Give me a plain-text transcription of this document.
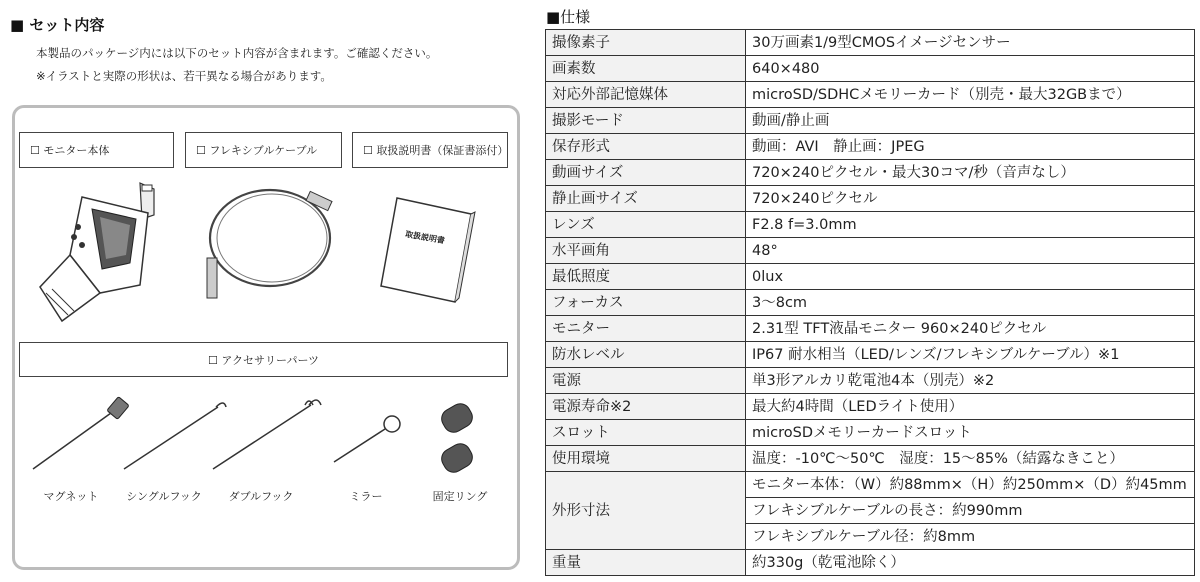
■ セット内容
本製品のパッケージ内には以下のセット内容が含まれます。ご確認ください。
※イラストと実際の形状は、若干異なる場合があります。
☐ モニター本体	☐ フレキシブルケーブル	☐ 取扱説明書（保証書添付）
取扱説明書
☐ アクセサリーパーツ
マグネット	シングルフック	ダブルフック	ミラー	固定リング
■仕様
撮像素子	30万画素1/9型CMOSイメージセンサー
画素数	640×480
対応外部記憶媒体	microSD/SDHCメモリーカード（別売・最大32GBまで）
撮影モード	動画/静止画
保存形式	動画：AVI　静止画：JPEG
動画サイズ	720×240ピクセル・最大30コマ/秒（音声なし）
静止画サイズ	720×240ピクセル
レンズ	F2.8 f=3.0mm
水平画角	48°
最低照度	0lux
フォーカス	3〜8cm
モニター	2.31型 TFT液晶モニター 960×240ピクセル
防水レベル	IP67 耐水相当（LED/レンズ/フレキシブルケーブル）※1
電源	単3形アルカリ乾電池4本（別売）※2
電源寿命※2	最大約4時間（LEDライト使用）
スロット	microSDメモリーカードスロット
使用環境	温度：-10℃〜50℃　湿度：15〜85%（結露なきこと）
外形寸法	モニター本体：（W）約88mm×（H）約250mm×（D）約45mm
	フレキシブルケーブルの長さ：約990mm
	フレキシブルケーブル径：約8mm
重量	約330g（乾電池除く）
